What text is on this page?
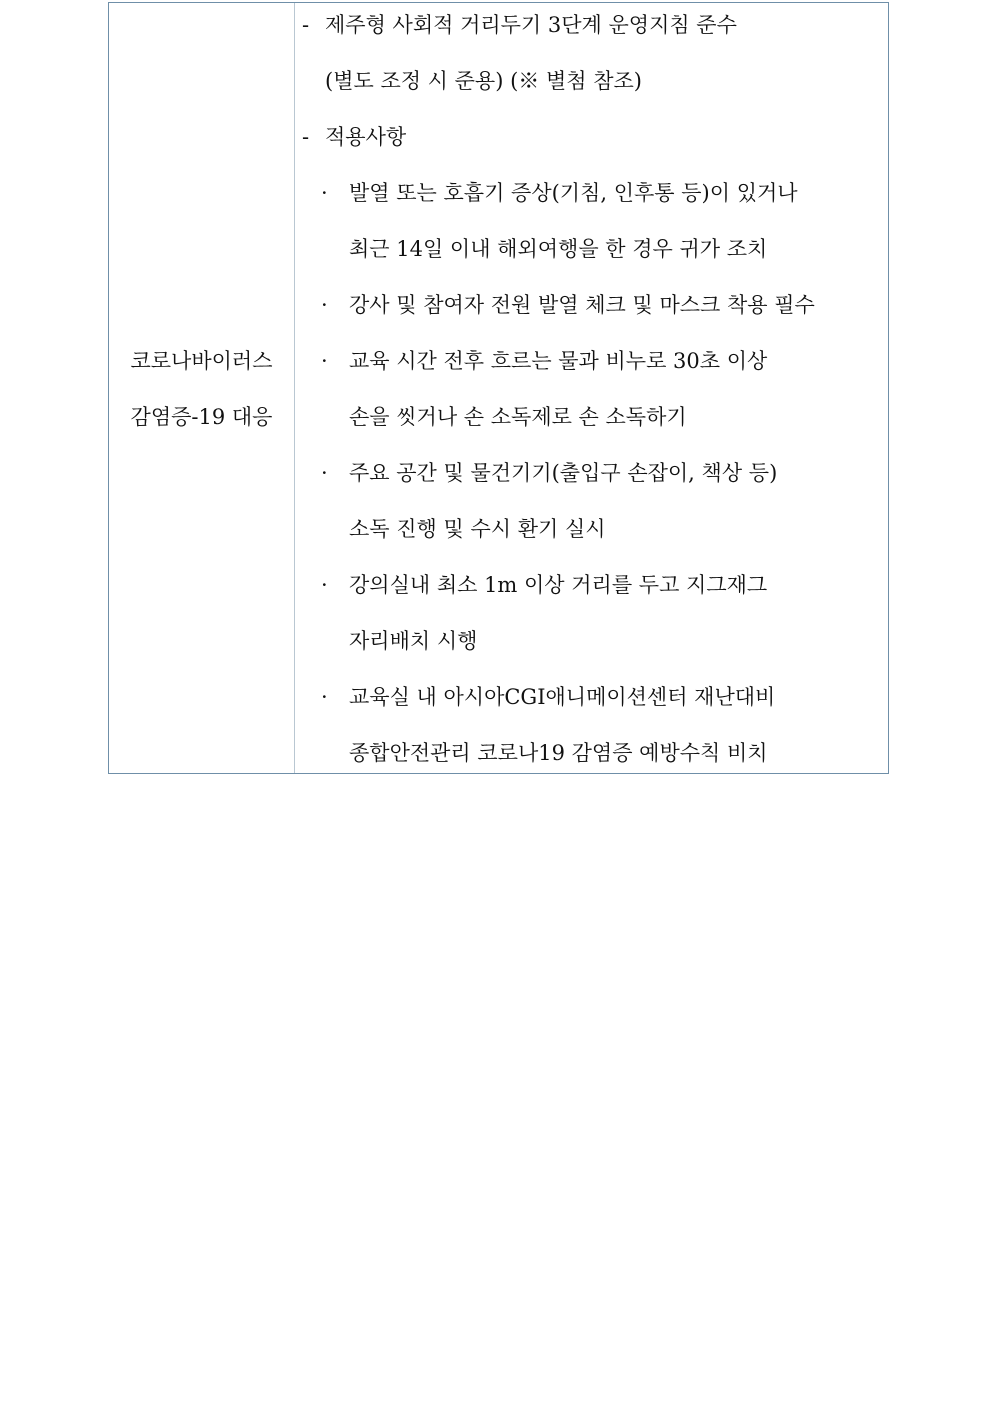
코로나바이러스
감염증-19 대응
- 제주형 사회적 거리두기 3단계 운영지침 준수
(별도 조정 시 준용) (※ 별첨 참조)
- 적용사항
· 발열 또는 호흡기 증상(기침, 인후통 등)이 있거나
최근 14일 이내 해외여행을 한 경우 귀가 조치
· 강사 및 참여자 전원 발열 체크 및 마스크 착용 필수
· 교육 시간 전후 흐르는 물과 비누로 30초 이상
손을 씻거나 손 소독제로 손 소독하기
· 주요 공간 및 물건기기(출입구 손잡이, 책상 등)
소독 진행 및 수시 환기 실시
· 강의실내 최소 1m 이상 거리를 두고 지그재그
자리배치 시행
· 교육실 내 아시아CGI애니메이션센터 재난대비
종합안전관리 코로나19 감염증 예방수칙 비치
